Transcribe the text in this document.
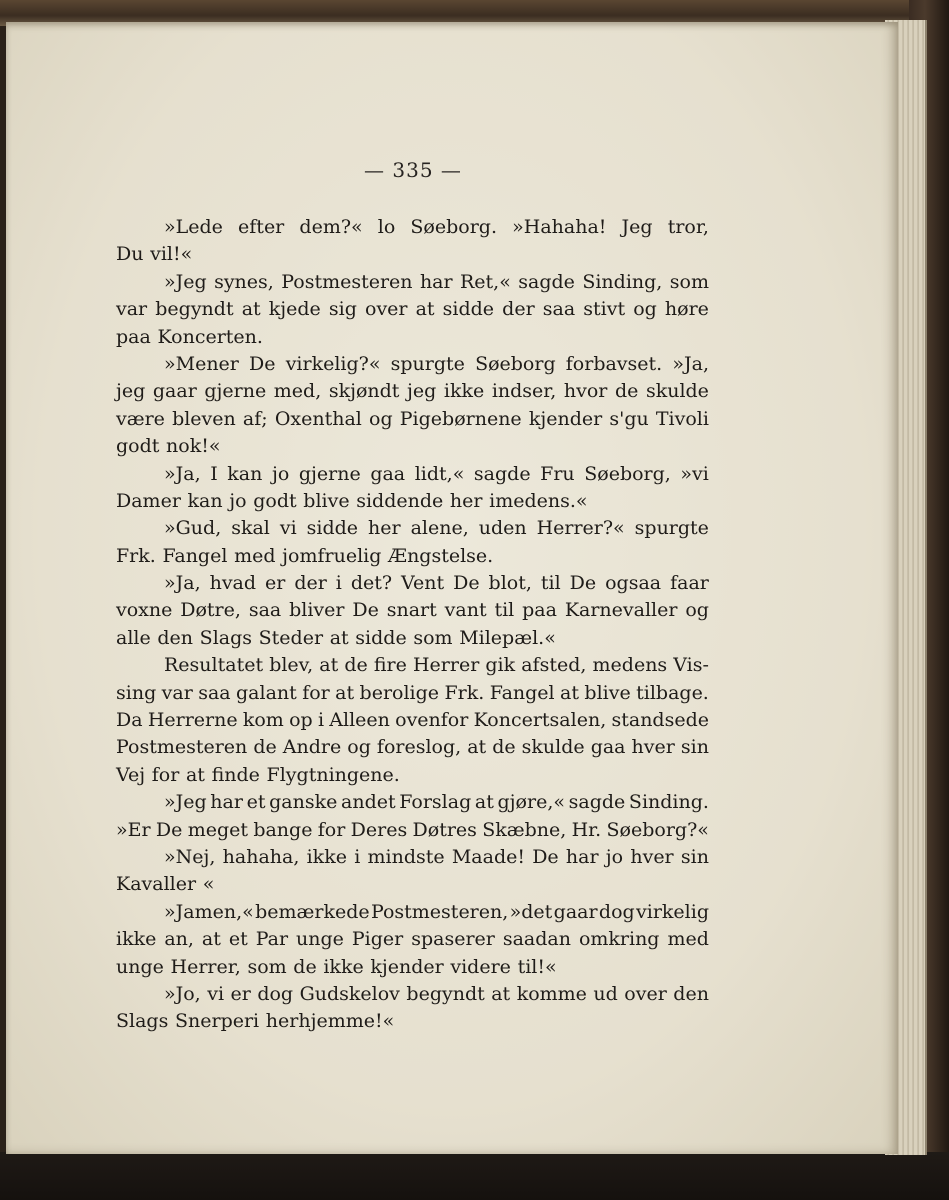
— 335 —
»Lede efter dem?« lo Søeborg. »Hahaha! Jeg tror,
Du vil!«
»Jeg synes, Postmesteren har Ret,« sagde Sinding, som
var begyndt at kjede sig over at sidde der saa stivt og høre
paa Koncerten.
»Mener De virkelig?« spurgte Søeborg forbavset. »Ja,
jeg gaar gjerne med, skjøndt jeg ikke indser, hvor de skulde
være bleven af; Oxenthal og Pigebørnene kjender s'gu Tivoli
godt nok!«
»Ja, I kan jo gjerne gaa lidt,« sagde Fru Søeborg, »vi
Damer kan jo godt blive siddende her imedens.«
»Gud, skal vi sidde her alene, uden Herrer?« spurgte
Frk. Fangel med jomfruelig Ængstelse.
»Ja, hvad er der i det? Vent De blot, til De ogsaa faar
voxne Døtre, saa bliver De snart vant til paa Karnevaller og
alle den Slags Steder at sidde som Milepæl.«
Resultatet blev, at de fire Herrer gik afsted, medens Vis-
sing var saa galant for at berolige Frk. Fangel at blive tilbage.
Da Herrerne kom op i Alleen ovenfor Koncertsalen, standsede
Postmesteren de Andre og foreslog, at de skulde gaa hver sin
Vej for at finde Flygtningene.
»Jeg har et ganske andet Forslag at gjøre,« sagde Sinding.
»Er De meget bange for Deres Døtres Skæbne, Hr. Søeborg?«
»Nej, hahaha, ikke i mindste Maade! De har jo hver sin
Kavaller «
»Jamen,« bemærkede Postmesteren, »det gaar dog virkelig
ikke an, at et Par unge Piger spaserer saadan omkring med
unge Herrer, som de ikke kjender videre til!«
»Jo, vi er dog Gudskelov begyndt at komme ud over den
Slags Snerperi herhjemme!«
